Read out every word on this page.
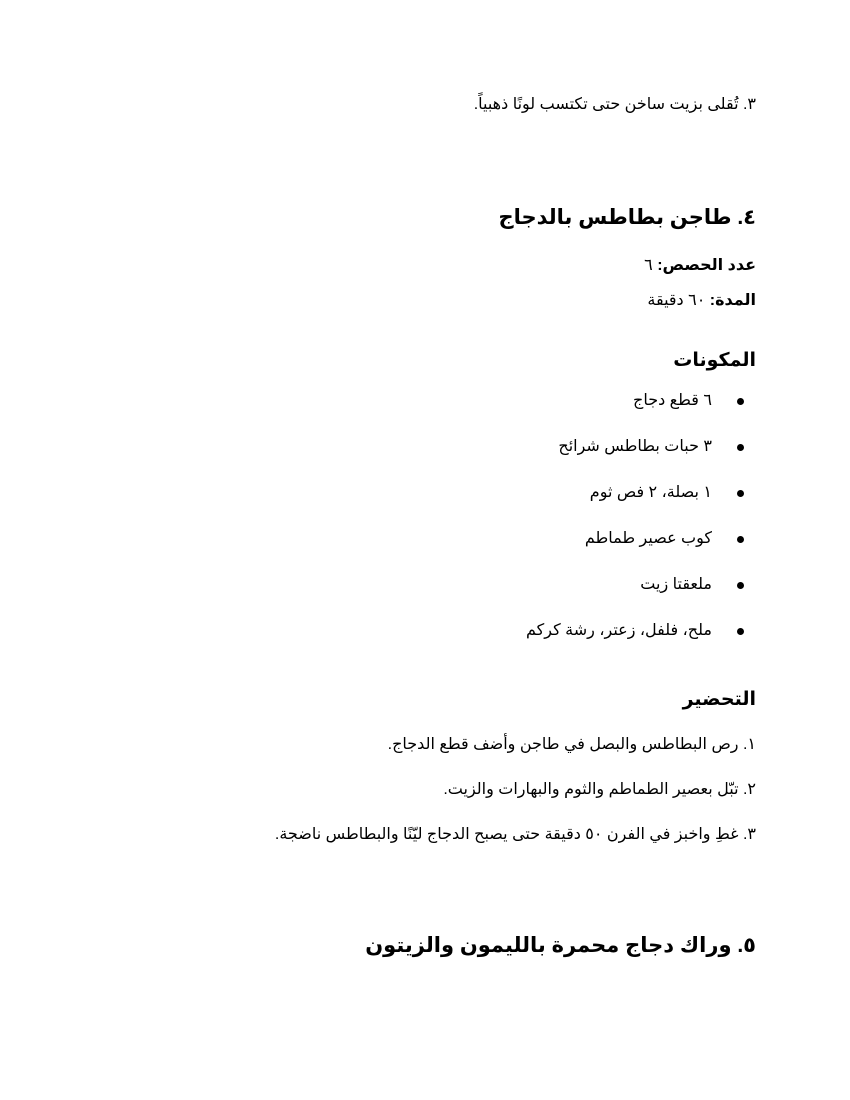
٣. تُقلى بزيت ساخن حتى تكتسب لونًا ذهبياً.
٤. طاجن بطاطس بالدجاج
عدد الحصص: ٦
المدة: ٦٠ دقيقة
المكونات
٦ قطع دجاج
٣ حبات بطاطس شرائح
١ بصلة، ٢ فص ثوم
كوب عصير طماطم
ملعقتا زيت
ملح، فلفل، زعتر، رشة كركم
التحضير
١. رص البطاطس والبصل في طاجن وأضف قطع الدجاج.
٢. تبّل بعصير الطماطم والثوم والبهارات والزيت.
٣. غطِ واخبز في الفرن ٥٠ دقيقة حتى يصبح الدجاج ليّنًا والبطاطس ناضجة.
٥. وراك دجاج محمرة بالليمون والزيتون
